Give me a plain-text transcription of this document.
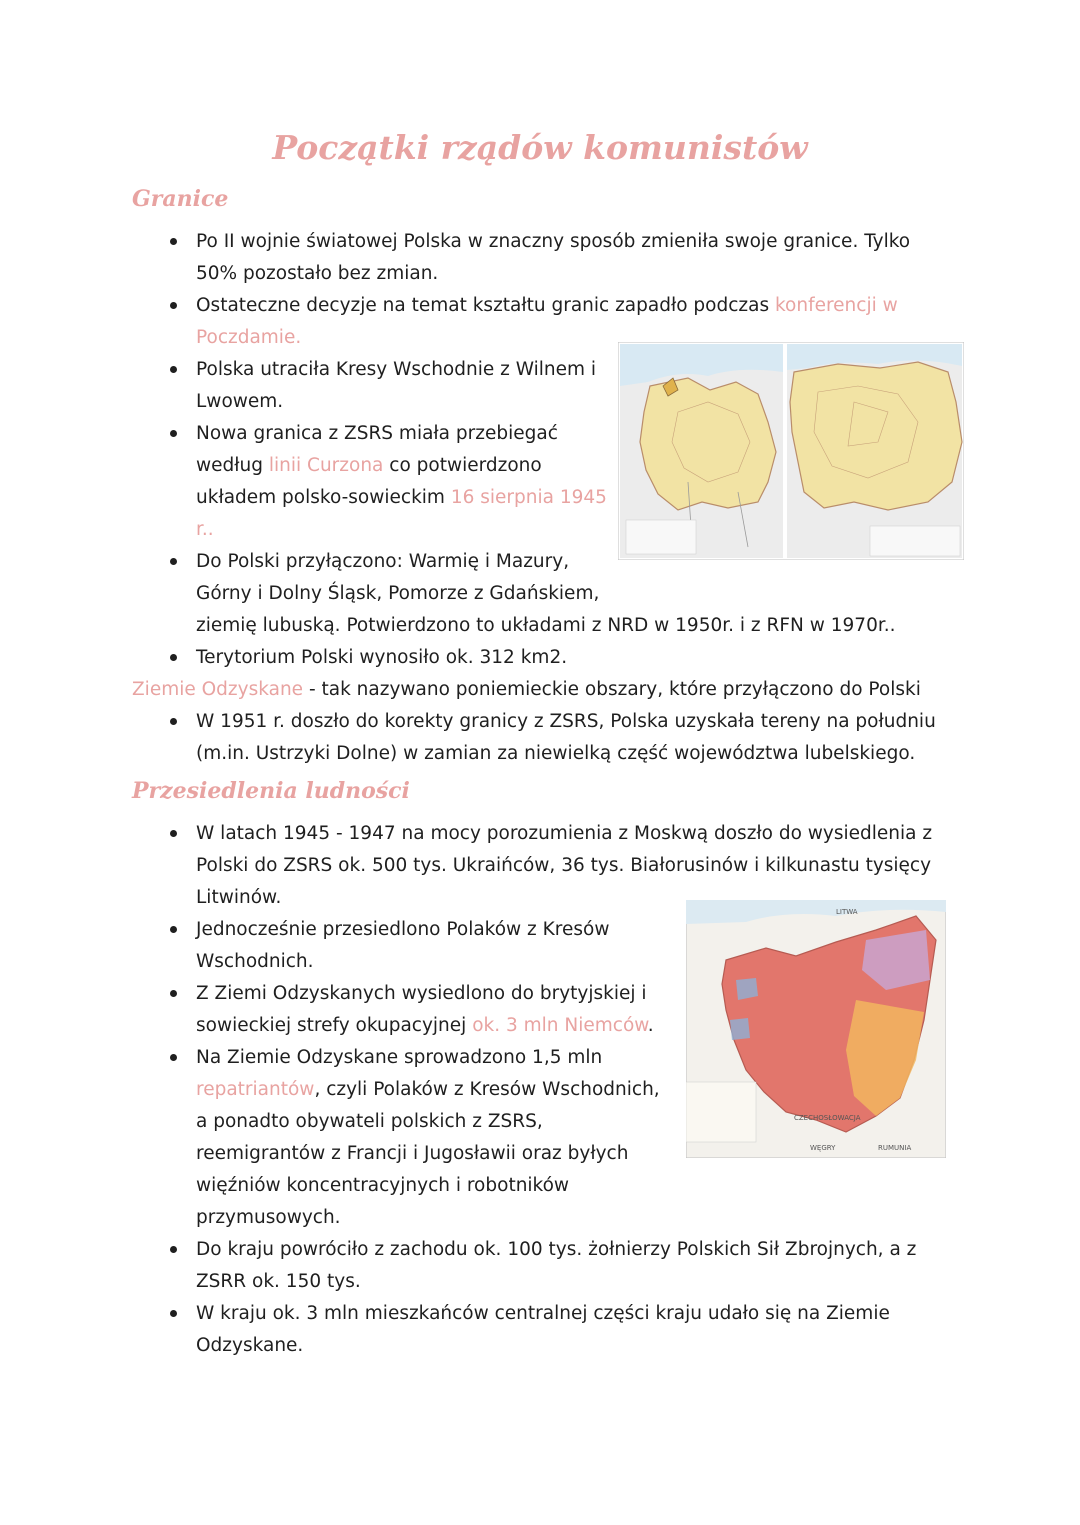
Początki rządów komunistów
Granice
Po II wojnie światowej Polska w znaczny sposób zmieniła swoje granice. Tylko
50% pozostało bez zmian.
Ostateczne decyzje na temat kształtu granic zapadło podczas konferencji w
Poczdamie.
Polska utraciła Kresy Wschodnie z Wilnem i
Lwowem.
Nowa granica z ZSRS miała przebiegać
według linii Curzona co potwierdzono
układem polsko-sowieckim 16 sierpnia 1945
r..
Do Polski przyłączono: Warmię i Mazury,
Górny i Dolny Śląsk, Pomorze z Gdańskiem,
ziemię lubuską. Potwierdzono to układami z NRD w 1950r. i z RFN w 1970r..
Terytorium Polski wynosiło ok. 312 km2.
Ziemie Odzyskane - tak nazywano poniemieckie obszary, które przyłączono do Polski
W 1951 r. doszło do korekty granicy z ZSRS, Polska uzyskała tereny na południu
(m.in. Ustrzyki Dolne) w zamian za niewielką część województwa lubelskiego.
Przesiedlenia ludności
W latach 1945 - 1947 na mocy porozumienia z Moskwą doszło do wysiedlenia z
Polski do ZSRS ok. 500 tys. Ukraińców, 36 tys. Białorusinów i kilkunastu tysięcy
Litwinów.
Jednocześnie przesiedlono Polaków z Kresów
Wschodnich.
Z Ziemi Odzyskanych wysiedlono do brytyjskiej i
sowieckiej strefy okupacyjnej ok. 3 mln Niemców.
Na Ziemie Odzyskane sprowadzono 1,5 mln
repatriantów, czyli Polaków z Kresów Wschodnich,
a ponadto obywateli polskich z ZSRS,
reemigrantów z Francji i Jugosławii oraz byłych
więźniów koncentracyjnych i robotników
przymusowych.
Do kraju powróciło z zachodu ok. 100 tys. żołnierzy Polskich Sił Zbrojnych, a z
ZSRR ok. 150 tys.
W kraju ok. 3 mln mieszkańców centralnej części kraju udało się na Ziemie
Odzyskane.
CZECHOSŁOWACJA
WĘGRY	RUMUNIA
LITWA
